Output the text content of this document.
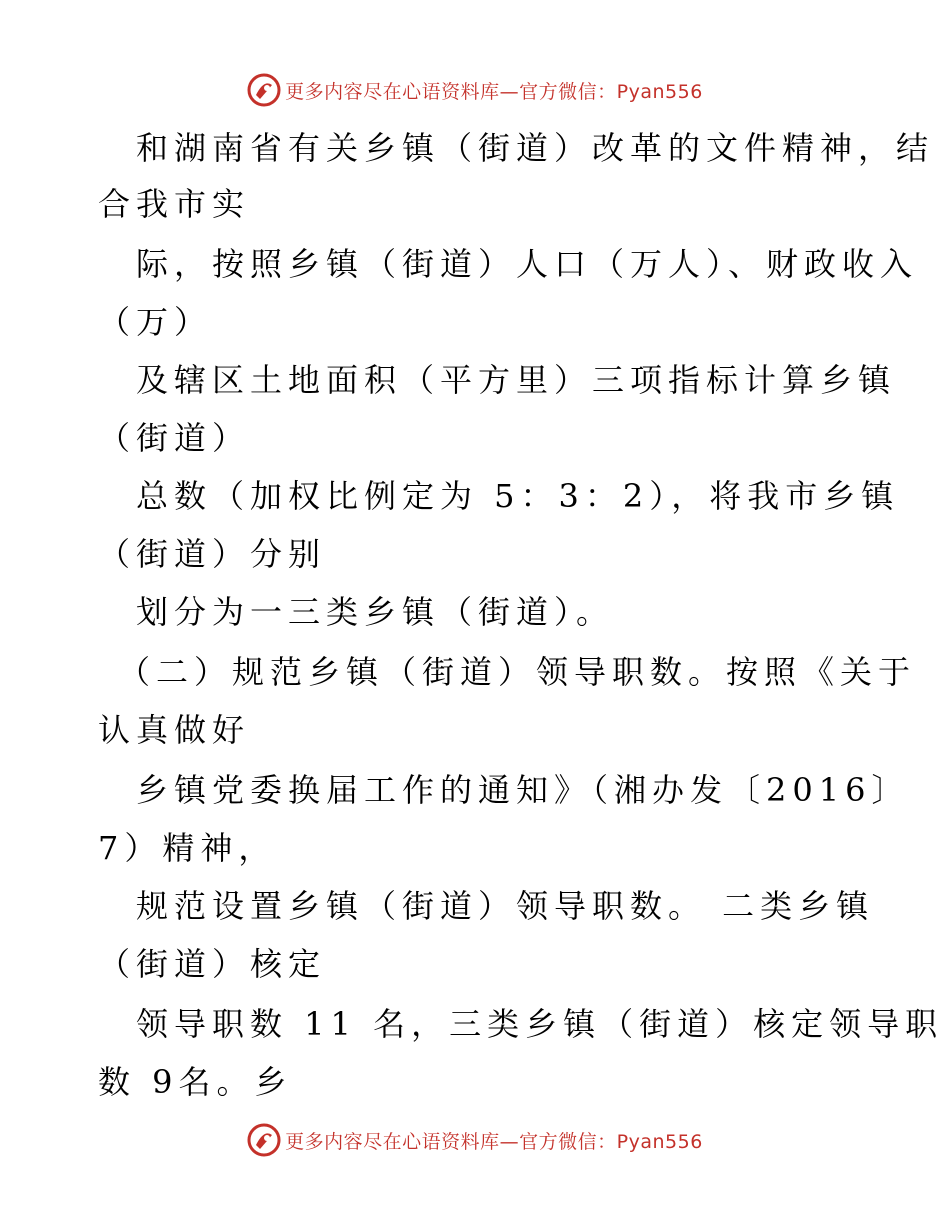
更多内容尽在心语资料库—官方微信：Pyan556
和湖南省有关乡镇（街道）改革的文件精神，结
合我市实
际，按照乡镇（街道）人口（万人）、财政收入
（万）
及辖区土地面积（平方里）三项指标计算乡镇
（街道）
总数（加权比例定为 5：3：2），将我市乡镇
（街道）分别
划分为一三类乡镇（街道）。
（二）规范乡镇（街道）领导职数。按照《关于
认真做好
乡镇党委换届工作的通知》（湘办发〔2016〕
7）精神，
规范设置乡镇（街道）领导职数。 二类乡镇
（街道）核定
领导职数 11 名，三类乡镇（街道）核定领导职
数 9名。乡
更多内容尽在心语资料库—官方微信：Pyan556
